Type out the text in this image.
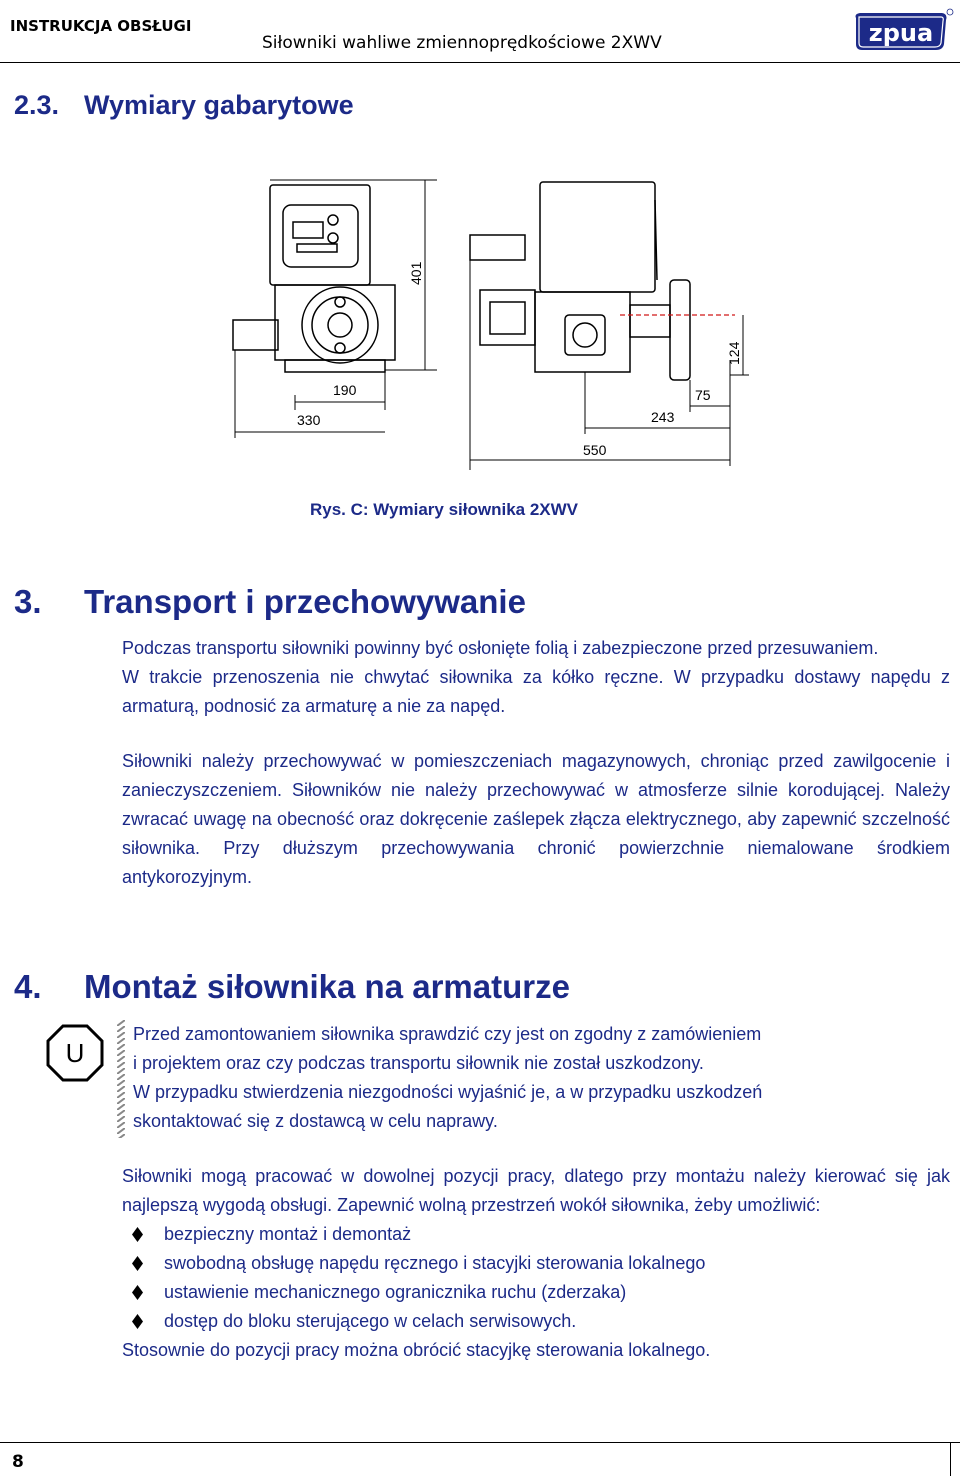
INSTRUKCJA OBSŁUGI
Siłowniki wahliwe zmiennoprędkościowe 2XWV	zpua
2.3. Wymiary gabarytowe
401
190
330
550
243
75
124
Rys. C: Wymiary siłownika 2XWV
3. Transport i przechowywanie

Podczas transportu siłowniki powinny być osłonięte folią i zabezpieczone przed przesuwaniem.

W trakcie przenoszenia nie chwytać siłownika za kółko ręczne. W przypadku dostawy napędu z armaturą, podnosić za armaturę a nie za napęd.

Siłowniki należy przechowywać w pomieszczeniach magazynowych, chroniąc przed zawilgocenie i zanieczyszczeniem. Siłowników nie należy przechowywać w atmosferze silnie korodującej. Należy zwracać uwagę na obecność oraz dokręcenie zaślepek złącza elektrycznego, aby zapewnić szczelność siłownika. Przy dłuższym przechowywania chronić powierzchnie niemalowane środkiem antykorozyjnym.

4. Montaż siłownika na armaturze
U

Przed zamontowaniem siłownika sprawdzić czy jest on zgodny z zamówieniem

i projektem oraz czy podczas transportu siłownik nie został uszkodzony.

W przypadku stwierdzenia niezgodności wyjaśnić je, a w przypadku uszkodzeń

skontaktować się z dostawcą w celu naprawy.

Siłowniki mogą pracować w dowolnej pozycji pracy, dlatego przy montażu należy kierować się jak najlepszą wygodą obsługi. Zapewnić wolną przestrzeń wokół siłownika, żeby umożliwić:

bezpieczny montaż i demontaż
swobodną obsługę napędu ręcznego i stacyjki sterowania lokalnego
ustawienie mechanicznego ogranicznika ruchu (zderzaka)
dostęp do bloku sterującego w celach serwisowych.

Stosownie do pozycji pracy można obrócić stacyjkę sterowania lokalnego.

8
